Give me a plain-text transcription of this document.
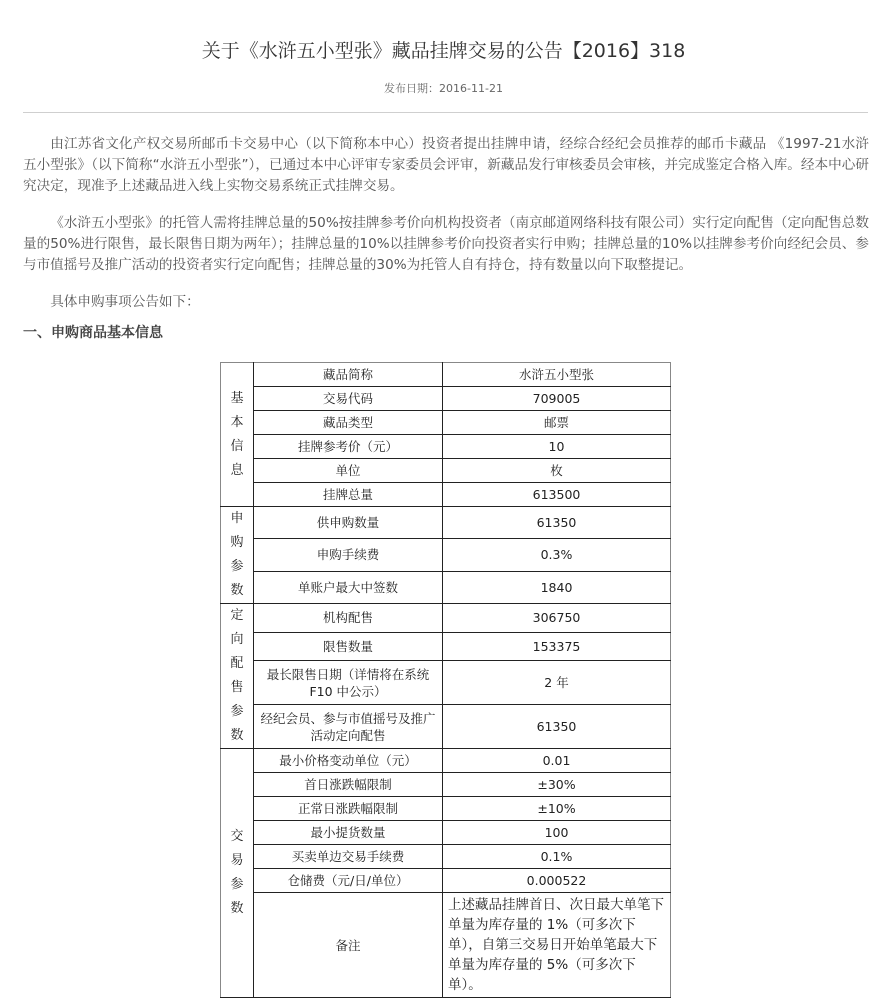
关于《水浒五小型张》藏品挂牌交易的公告【2016】318
发布日期：2016-11-21

由江苏省文化产权交易所邮币卡交易中心（以下简称本中心）投资者提出挂牌申请，经综合经纪会员推荐的邮币卡藏品 《1997-21水浒五小型张》（以下简称“水浒五小型张”），已通过本中心评审专家委员会评审，新藏品发行审核委员会审核，并完成鉴定合格入库。经本中心研究决定，现准予上述藏品进入线上实物交易系统正式挂牌交易。

《水浒五小型张》的托管人需将挂牌总量的50%按挂牌参考价向机构投资者（南京邮道网络科技有限公司）实行定向配售（定向配售总数量的50%进行限售，最长限售日期为两年）；挂牌总量的10%以挂牌参考价向投资者实行申购；挂牌总量的10%以挂牌参考价向经纪会员、参与市值摇号及推广活动的投资者实行定向配售；挂牌总量的30%为托管人自有持仓，持有数量以向下取整提记。

具体申购事项公告如下：

一、申购商品基本信息
基
本
信
息	藏品简称	水浒五小型张
	交易代码	709005
	藏品类型	邮票
	挂牌参考价（元）	10
	单位	枚
	挂牌总量	613500

申
购
参
数	供申购数量	61350
	申购手续费	0.3%
	单账户最大中签数	1840

定
向
配
售
参
数
	机构配售	306750
	限售数量	153375
	最长限售日期（详情将在系统F10 中公示）	2 年
	经纪会员、参与市值摇号及推广活动定向配售	61350

交
易
参
数	最小价格变动单位（元）	0.01
	首日涨跌幅限制	±30%
	正常日涨跌幅限制	±10%
	最小提货数量	100
	买卖单边交易手续费	0.1%
	仓储费（元/日/单位）	0.000522
	备注	上述藏品挂牌首日、次日最大单笔下单量为库存量的 1%（可多次下单），自第三交易日开始单笔最大下单量为库存量的 5%（可多次下单）。
